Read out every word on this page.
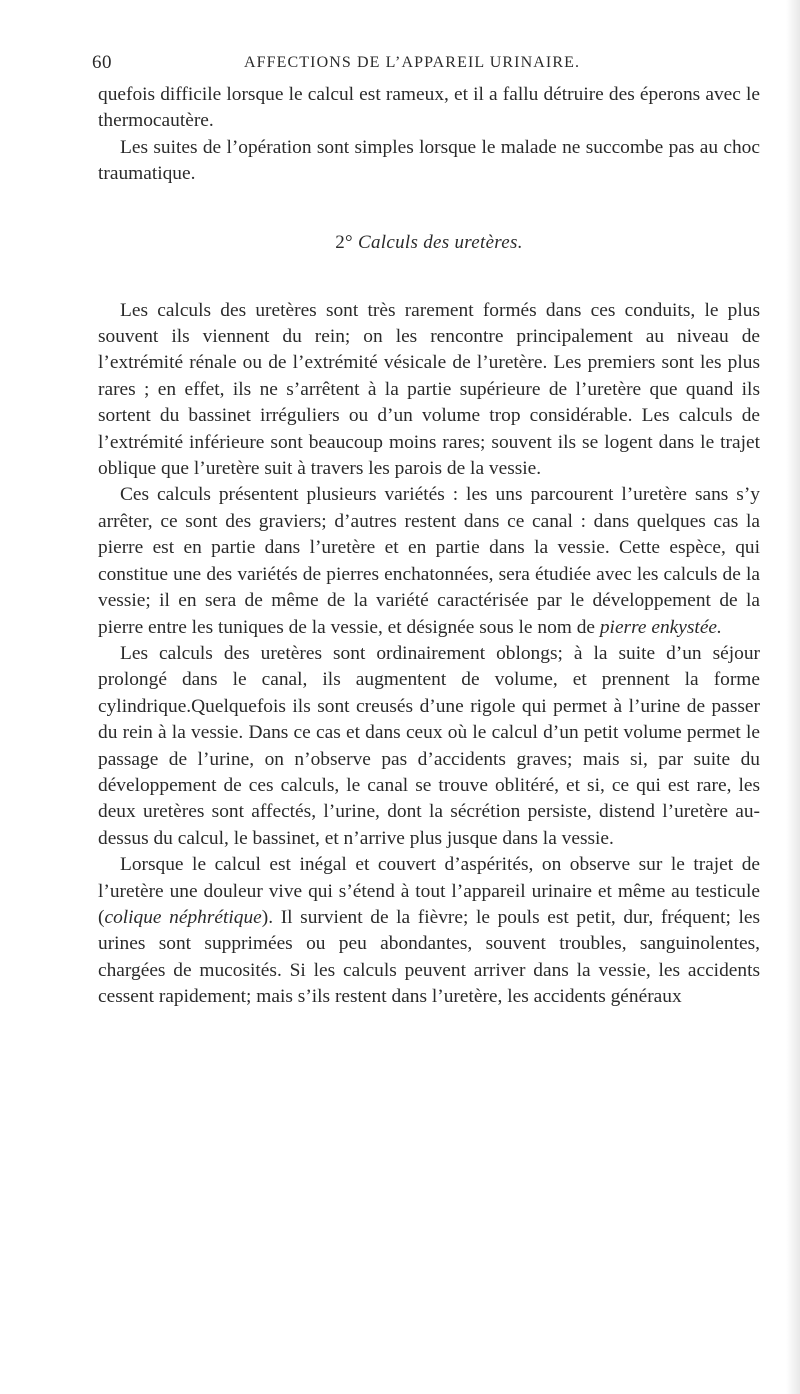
60	AFFECTIONS DE L’APPAREIL URINAIRE.

quefois difficile lorsque le calcul est rameux, et il a fallu détruire des éperons avec le thermocautère.

Les suites de l’opération sont simples lorsque le malade ne succombe pas au choc traumatique.

2° Calculs des uretères.

Les calculs des uretères sont très rarement formés dans ces conduits, le plus souvent ils viennent du rein; on les rencontre principalement au niveau de l’extrémité rénale ou de l’extrémité vésicale de l’uretère. Les premiers sont les plus rares ; en effet, ils ne s’arrêtent à la partie supérieure de l’uretère que quand ils sortent du bassinet irréguliers ou d’un volume trop considérable. Les calculs de l’extrémité inférieure sont beaucoup moins rares; souvent ils se logent dans le trajet oblique que l’uretère suit à travers les parois de la vessie.

Ces calculs présentent plusieurs variétés : les uns parcourent l’uretère sans s’y arrêter, ce sont des graviers; d’autres restent dans ce canal : dans quelques cas la pierre est en partie dans l’uretère et en partie dans la vessie. Cette espèce, qui constitue une des variétés de pierres enchatonnées, sera étudiée avec les calculs de la vessie; il en sera de même de la variété caractérisée par le développement de la pierre entre les tuniques de la vessie, et désignée sous le nom de pierre enkystée.

Les calculs des uretères sont ordinairement oblongs; à la suite d’un séjour prolongé dans le canal, ils augmentent de volume, et prennent la forme cylindrique.Quelquefois ils sont creusés d’une rigole qui permet à l’urine de passer du rein à la vessie. Dans ce cas et dans ceux où le calcul d’un petit volume permet le passage de l’urine, on n’observe pas d’accidents graves; mais si, par suite du développement de ces calculs, le canal se trouve oblitéré, et si, ce qui est rare, les deux uretères sont affectés, l’urine, dont la sécrétion persiste, distend l’uretère au-dessus du calcul, le bassinet, et n’arrive plus jusque dans la vessie.

Lorsque le calcul est inégal et couvert d’aspérités, on observe sur le trajet de l’uretère une douleur vive qui s’étend à tout l’appareil urinaire et même au testicule (colique néphrétique). Il survient de la fièvre; le pouls est petit, dur, fréquent; les urines sont supprimées ou peu abondantes, souvent troubles, sanguinolentes, chargées de mucosités. Si les calculs peuvent arriver dans la vessie, les accidents cessent rapidement; mais s’ils restent dans l’uretère, les accidents généraux
